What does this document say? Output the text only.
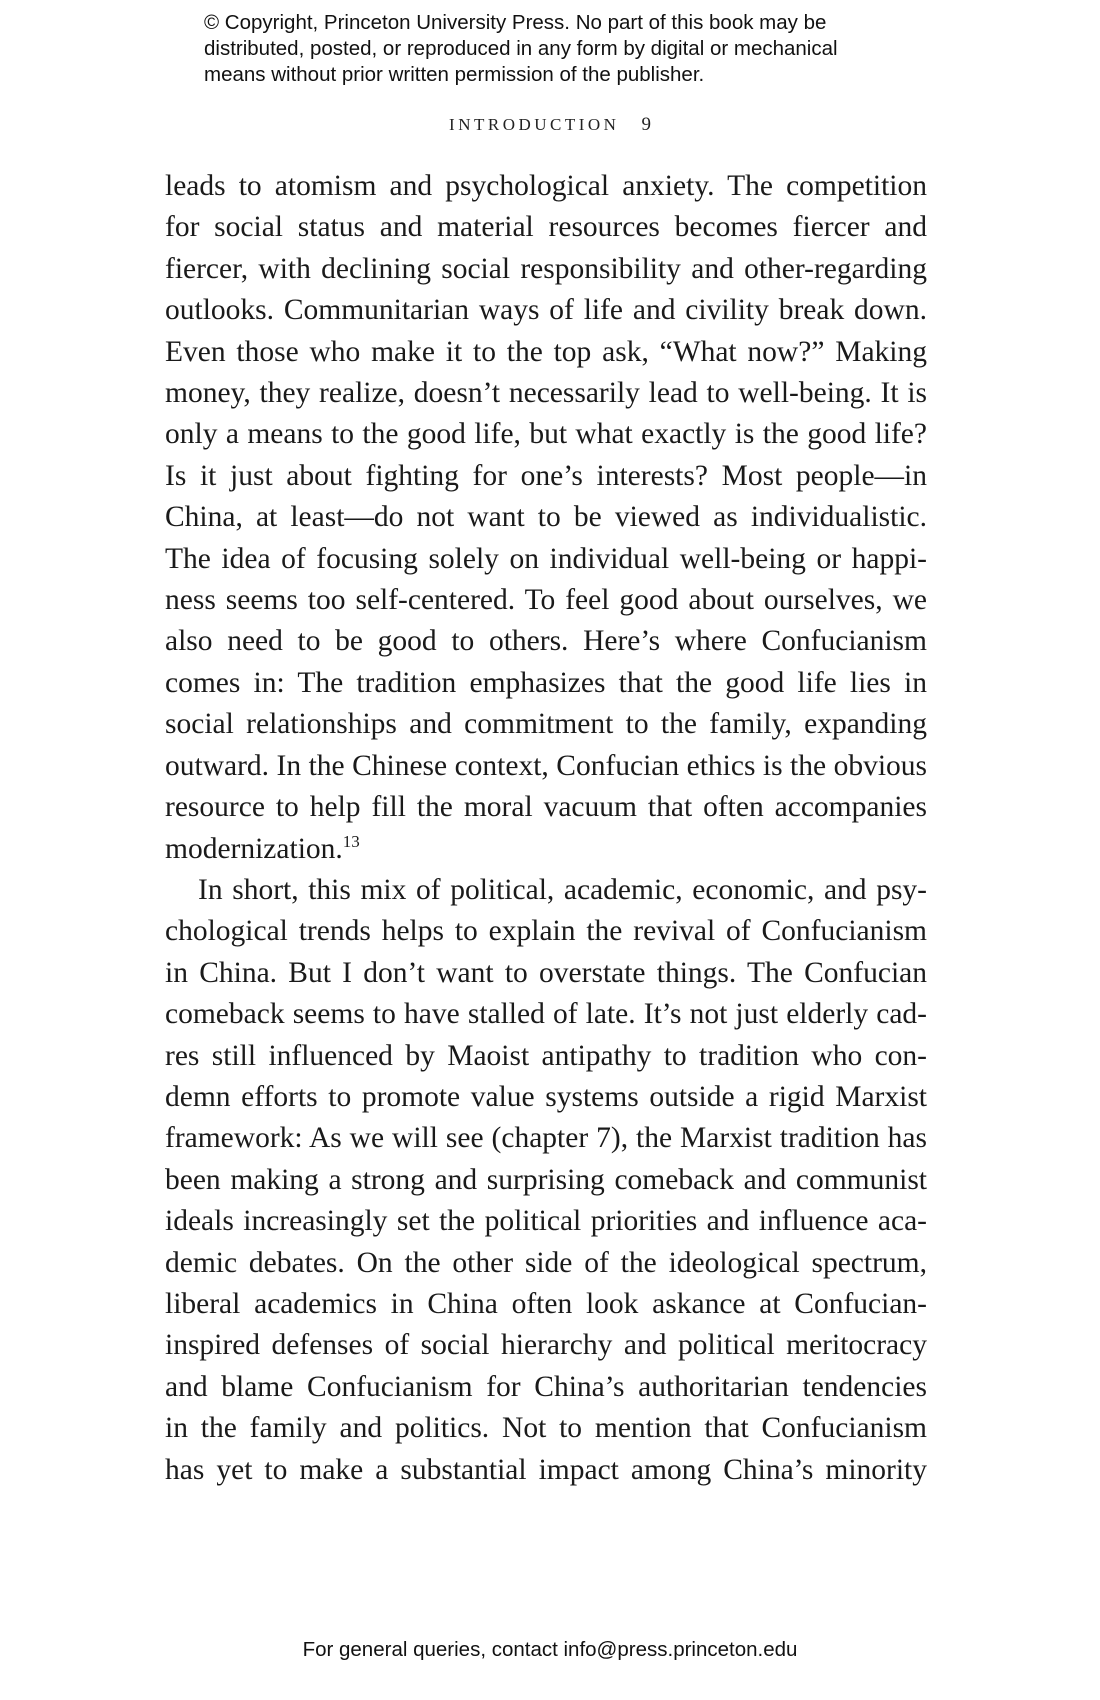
© Copyright, Princeton University Press. No part of this book may be
distributed, posted, or reproduced in any form by digital or mechanical
means without prior written permission of the publisher.
INTRODUCTION 9

leads to atomism and psychological anxiety. The competition
for social status and material resources becomes fiercer and
fiercer, with declining social responsibility and other-regarding
outlooks. Communitarian ways of life and civility break down.
Even those who make it to the top ask, “What now?” Making
money, they realize, doesn’t necessarily lead to well-being. It is
only a means to the good life, but what exactly is the good life?
Is it just about fighting for one’s interests? Most people—in
China, at least—do not want to be viewed as individualistic.
The idea of focusing solely on individual well-being or happi-
ness seems too self-centered. To feel good about ourselves, we
also need to be good to others. Here’s where Confucianism
comes in: The tradition emphasizes that the good life lies in
social relationships and commitment to the family, expanding
outward. In the Chinese context, Confucian ethics is the obvious
resource to help fill the moral vacuum that often accompanies
modernization.$^{13}$

In short, this mix of political, academic, economic, and psy-
chological trends helps to explain the revival of Confucianism
in China. But I don’t want to overstate things. The Confucian
comeback seems to have stalled of late. It’s not just elderly cad-
res still influenced by Maoist antipathy to tradition who con-
demn efforts to promote value systems outside a rigid Marxist
framework: As we will see (chapter 7), the Marxist tradition has
been making a strong and surprising comeback and communist
ideals increasingly set the political priorities and influence aca-
demic debates. On the other side of the ideological spectrum,
liberal academics in China often look askance at Confucian-
inspired defenses of social hierarchy and political meritocracy
and blame Confucianism for China’s authoritarian tendencies
in the family and politics. Not to mention that Confucianism
has yet to make a substantial impact among China’s minority

For general queries, contact info@press.princeton.edu
